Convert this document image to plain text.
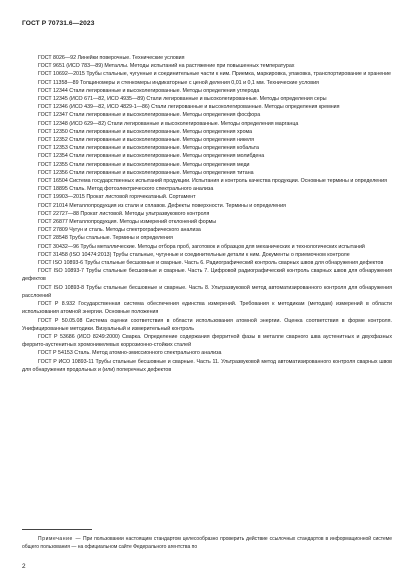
ГОСТ Р 70731.6—2023

ГОСТ 8026—92 Линейки поверочные. Технические условия

ГОСТ 9651 (ИСО 783—89) Металлы. Методы испытаний на растяжение при повышенных температурах

ГОСТ 10692—2015 Трубы стальные, чугунные и соединительные части к ним. Приемка, маркировка, упаковка, транспортирование и хранение

ГОСТ 11358—89 Толщиномеры и стенкомеры индикаторные с ценой деления 0,01 и 0,1 мм. Технические условия

ГОСТ 12344 Стали легированные и высоколегированные. Методы определения углерода

ГОСТ 12345 (ИСО 671—82, ИСО 4935—89) Стали легированные и высоколегированные. Методы определения серы

ГОСТ 12346 (ИСО 439—82, ИСО 4829-1—86) Стали легированные и высоколегированные. Методы определения кремния

ГОСТ 12347 Стали легированные и высоколегированные. Методы определения фосфора

ГОСТ 12348 (ИСО 629—82) Стали легированные и высоколегированные. Методы определения марганца

ГОСТ 12350 Стали легированные и высоколегированные. Методы определения хрома

ГОСТ 12352 Стали легированные и высоколегированные. Методы определения никеля

ГОСТ 12353 Стали легированные и высоколегированные. Методы определения кобальта

ГОСТ 12354 Стали легированные и высоколегированные. Методы определения молибдена

ГОСТ 12355 Стали легированные и высоколегированные. Методы определения меди

ГОСТ 12356 Стали легированные и высоколегированные. Методы определения титана

ГОСТ 16504 Система государственных испытаний продукции. Испытания и контроль качества продукции. Основные термины и определения

ГОСТ 18895 Сталь. Метод фотоэлектрического спектрального анализа

ГОСТ 19903—2015 Прокат листовой горячекатаный. Сортамент

ГОСТ 21014 Металлопродукция из стали и сплавов. Дефекты поверхности. Термины и определения

ГОСТ 22727—88 Прокат листовой. Методы ультразвукового контроля

ГОСТ 26877 Металлопродукция. Методы измерений отклонений формы

ГОСТ 27809 Чугун и сталь. Методы спектрографического анализа

ГОСТ 28548 Трубы стальные. Термины и определения

ГОСТ 30432—96 Трубы металлические. Методы отбора проб, заготовок и образцов для механических и технологических испытаний

ГОСТ 31458 (ISO 10474:2013) Трубы стальные, чугунные и соединительные детали к ним. Документы о приемочном контроле

ГОСТ ISO 10893-6 Трубы стальные бесшовные и сварные. Часть 6. Радиографический контроль сварных швов для обнаружения дефектов

ГОСТ ISO 10893-7 Трубы стальные бесшовные и сварные. Часть 7. Цифровой радиографический контроль сварных швов для обнаружения дефектов

ГОСТ ISO 10893-8 Трубы стальные бесшовные и сварные. Часть 8. Ультразвуковой метод автоматизированного контроля для обнаружения расслоений

ГОСТ Р 8.932 Государственная система обеспечения единства измерений. Требования к методикам (методам) измерений в области использования атомной энергии. Основные положения

ГОСТ Р 50.05.08 Система оценки соответствия в области использования атомной энергии. Оценка соответствия в форме контроля. Унифицированные методики. Визуальный и измерительный контроль

ГОСТ Р 53686 (ИСО 8249:2000) Сварка. Определение содержания ферритной фазы в металле сварного шва аустенитных и двухфазных феррито-аустенитных хромоникелевых коррозионно-стойких сталей

ГОСТ Р 54153 Сталь. Метод атомно-эмиссионного спектрального анализа

ГОСТ Р ИСО 10893-11 Трубы стальные бесшовные и сварные. Часть 11. Ультразвуковой метод автоматизированного контроля сварных швов для обнаружения продольных и (или) поперечных дефектов

Примечание — При пользовании настоящим стандартом целесообразно проверить действие ссылочных стандартов в информационной системе общего пользования — на официальном сайте Федерального агентства по
2
